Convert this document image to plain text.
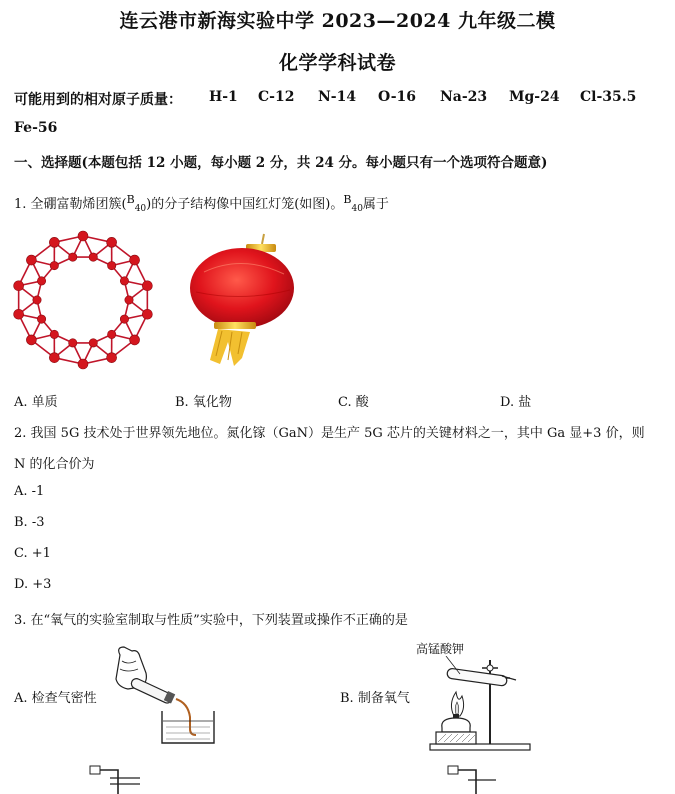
连云港市新海实验中学 2023—2024 九年级二模
化学学科试卷
可能用到的相对原子质量： H-1 C-12 N-14 O-16 Na-23 Mg-24 Cl-35.5
Fe-56
一、选择题(本题包括 12 小题，每小题 2 分，共 24 分。每小题只有一个选项符合题意)
1. 全硼富勒烯团簇($^B_{40}$)的分子结构像中国红灯笼(如图)。$^B_{40}$属于
A. 单质	B. 氧化物	C. 酸	D. 盐
2. 我国 5G 技术处于世界领先地位。氮化镓（GaN）是生产 5G 芯片的关键材料之一，其中 Ga 显+3 价，则
N 的化合价为
A. -1
B. -3
C. +1
D. +3
3. 在“氧气的实验室制取与性质”实验中，下列装置或操作不正确的是
A. 检查气密性	B. 制备氧气
高锰酸钾
